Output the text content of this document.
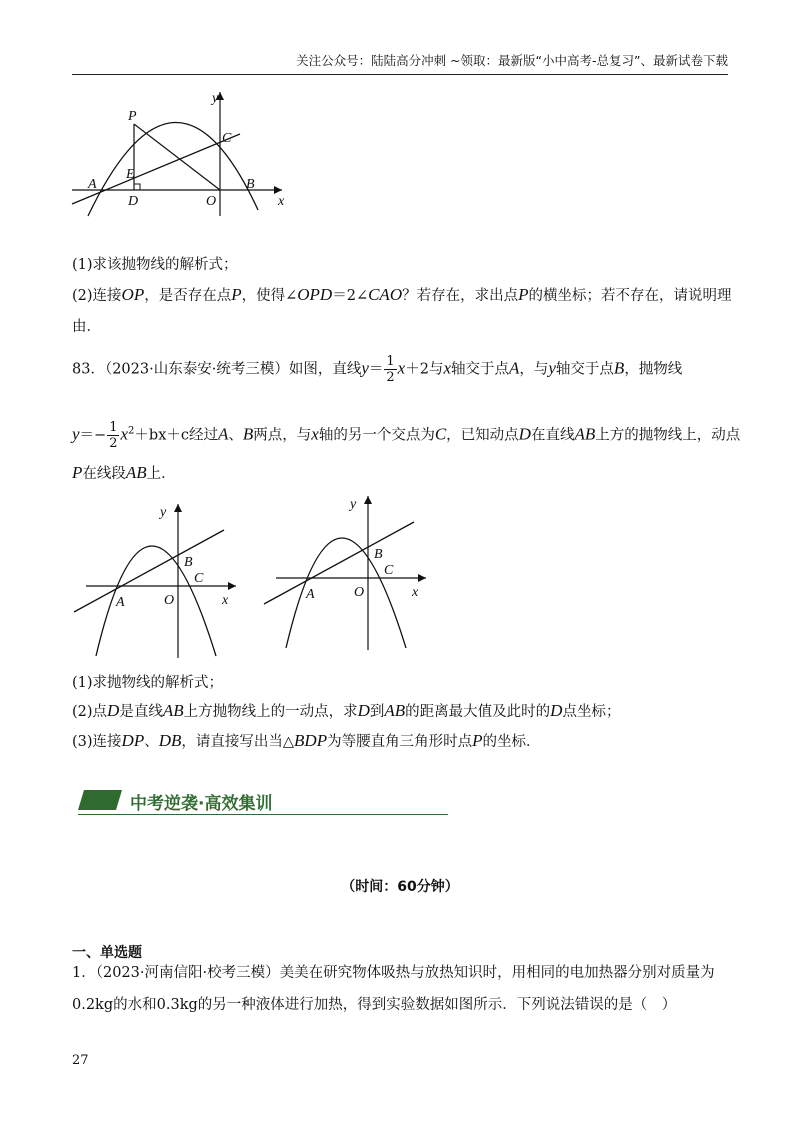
关注公众号：陆陆高分冲刺 ~领取：最新版“小中高考-总复习”、最新试卷下载
y
x
P
C
E
A
D	O
B
(1)求该抛物线的解析式；
(2)连接OP，是否存在点P，使得∠OPD＝2∠CAO？若存在，求出点P的横坐标；若不存在，请说明理
由．
83．（2023·山东泰安·统考三模）如图，直线$y= \frac{1}{2} x+2$与x轴交于点A，与y轴交于点B，抛物线
$y=- \frac{1}{2} x^2+bx+c$经过A、B两点，与x轴的另一个交点为C，已知动点D在直线AB上方的抛物线上，动点
P在线段AB上．
y
B
C
A	O	x
y
B
C
A	O	x
(1)求抛物线的解析式；
(2)点D是直线AB上方抛物线上的一动点，求D到AB的距离最大值及此时的D点坐标；
(3)连接DP、DB，请直接写出当△BDP为等腰直角三角形时点P的坐标．
中考逆袭·高效集训
（时间：60分钟）
一、单选题
1．（2023·河南信阳·校考三模）美美在研究物体吸热与放热知识时，用相同的电加热器分别对质量为
0.2kg的水和0.3kg的另一种液体进行加热，得到实验数据如图所示．下列说法错误的是（　）
27
